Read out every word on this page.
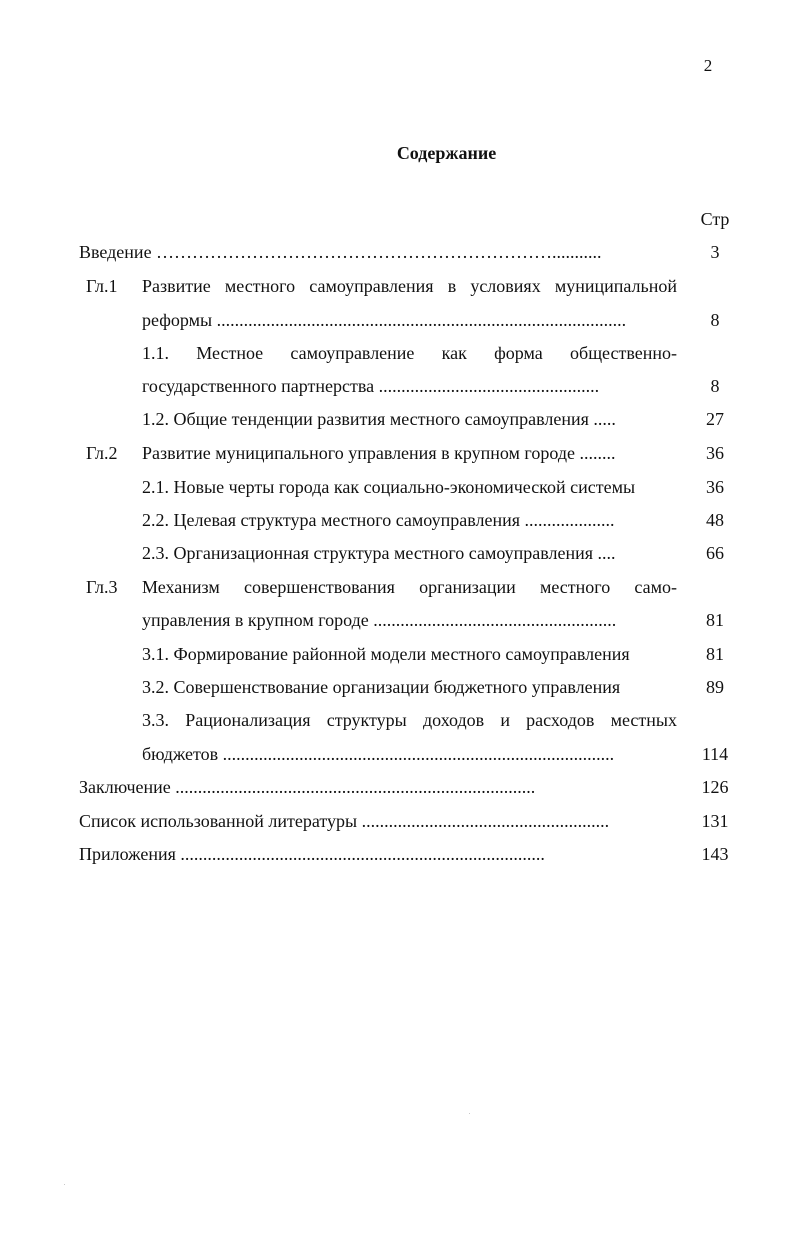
2
Содержание
Стр
Введение …………………………………………………………...........	3
Гл.1 Развитие местного самоуправления в условиях муниципальной
реформы ...........................................................................................	8
1.1. Местное самоуправление как форма общественно-
государственного партнерства .................................................	8
1.2. Общие тенденции развития местного самоуправления .....	27
Гл.2 Развитие муниципального управления в крупном городе ........	36
2.1. Новые черты города как социально-экономической системы	36
2.2. Целевая структура местного самоуправления ....................	48
2.3. Организационная структура местного самоуправления ....	66
Гл.3 Механизм совершенствования организации местного само-
управления в крупном городе ......................................................	81
3.1. Формирование районной модели местного самоуправления	81
3.2. Совершенствование организации бюджетного управления	89
3.3. Рационализация структуры доходов и расходов местных
бюджетов .......................................................................................	114
Заключение ................................................................................	126
Список использованной литературы .......................................................	131
Приложения .................................................................................	143
